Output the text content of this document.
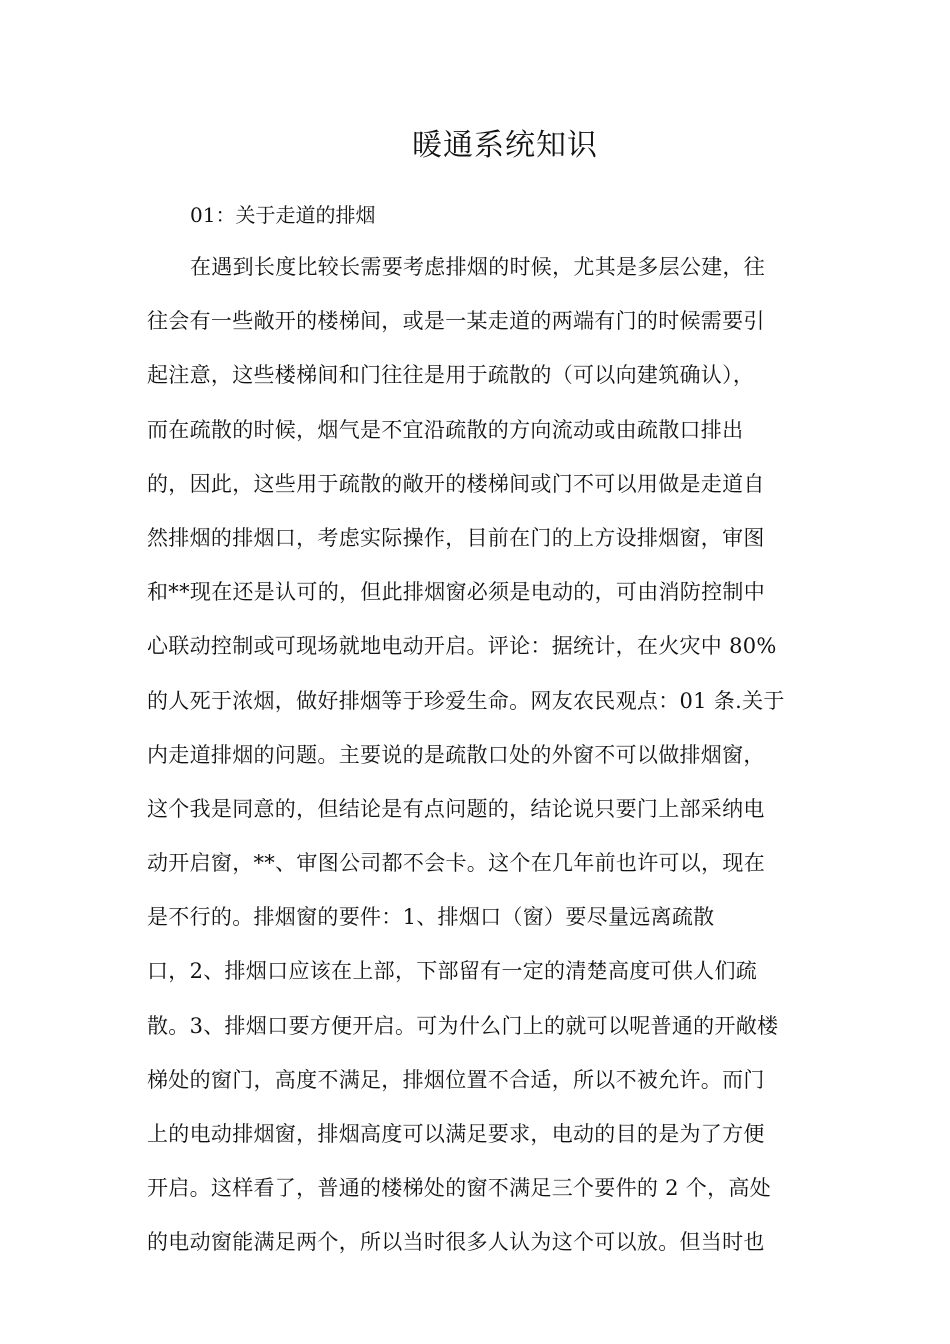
暖通系统知识
01：关于走道的排烟
在遇到长度比较长需要考虑排烟的时候，尤其是多层公建，往
往会有一些敞开的楼梯间，或是一某走道的两端有门的时候需要引
起注意，这些楼梯间和门往往是用于疏散的（可以向建筑确认），
而在疏散的时候，烟气是不宜沿疏散的方向流动或由疏散口排出
的，因此，这些用于疏散的敞开的楼梯间或门不可以用做是走道自
然排烟的排烟口，考虑实际操作，目前在门的上方设排烟窗，审图
和**现在还是认可的，但此排烟窗必须是电动的，可由消防控制中
心联动控制或可现场就地电动开启。评论：据统计，在火灾中 80%
的人死于浓烟，做好排烟等于珍爱生命。网友农民观点：01 条.关于
内走道排烟的问题。主要说的是疏散口处的外窗不可以做排烟窗，
这个我是同意的，但结论是有点问题的，结论说只要门上部采纳电
动开启窗，**、审图公司都不会卡。这个在几年前也许可以，现在
是不行的。排烟窗的要件：1、排烟口（窗）要尽量远离疏散
口，2、排烟口应该在上部，下部留有一定的清楚高度可供人们疏
散。3、排烟口要方便开启。可为什么门上的就可以呢普通的开敞楼
梯处的窗门，高度不满足，排烟位置不合适，所以不被允许。而门
上的电动排烟窗，排烟高度可以满足要求，电动的目的是为了方便
开启。这样看了，普通的楼梯处的窗不满足三个要件的 2 个，高处
的电动窗能满足两个，所以当时很多人认为这个可以放。但当时也
